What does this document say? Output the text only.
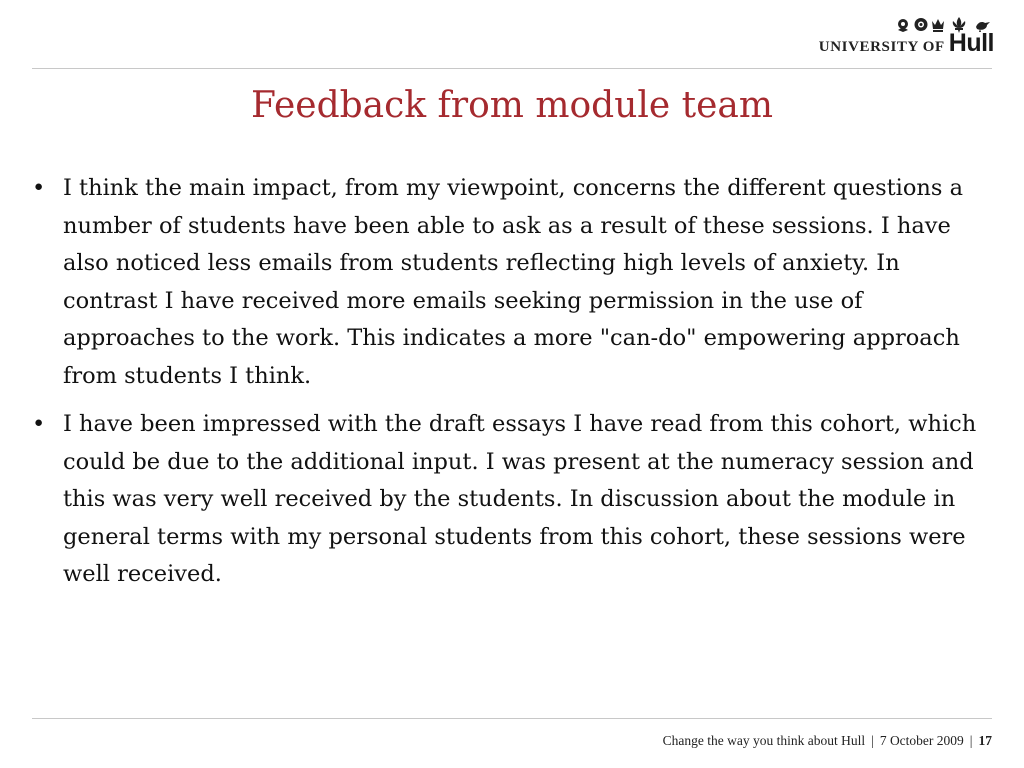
UNIVERSITY OF Hull
Feedback from module team
• I think the main impact, from my viewpoint, concerns the different questions a number of students have been able to ask as a result of these sessions. I have also noticed less emails from students reflecting high levels of anxiety. In contrast I have received more emails seeking permission in the use of approaches to the work. This indicates a more "can-do" empowering approach from students I think.
• I have been impressed with the draft essays I have read from this cohort, which could be due to the additional input. I was present at the numeracy session and this was very well received by the students. In discussion about the module in general terms with my personal students from this cohort, these sessions were well received.
Change the way you think about Hull | 7 October 2009 | 17
